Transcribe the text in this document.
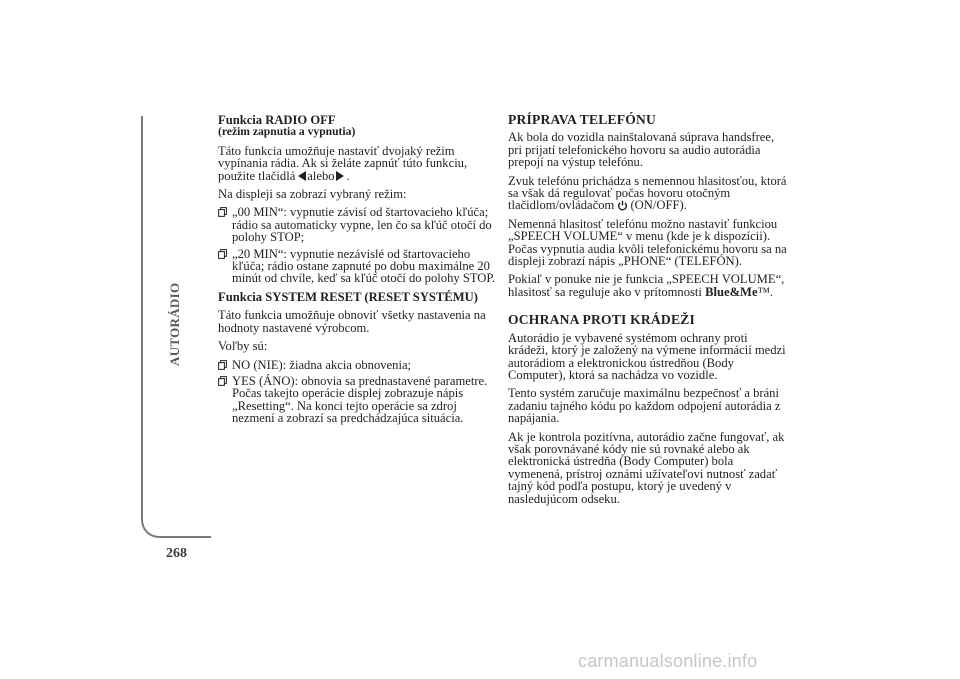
AUTORÁDIO
268
Funkcia RADIO OFF
(režim zapnutia a vypnutia)

Táto funkcia umožňuje nastaviť dvojaký režim vypínania rádia. Ak si želáte zapnúť túto funkciu, použite tlačidlá alebo .

Na displeji sa zobrazí vybraný režim:

„00 MIN“: vypnutie závisí od štartovacieho kľúča; rádio sa automaticky vypne, len čo sa kľúč otočí do polohy STOP;
„20 MIN“: vypnutie nezávislé od štartovacieho kľúča; rádio ostane zapnuté po dobu maximálne 20 minút od chvíle, keď sa kľúč otočí do polohy STOP.

Funkcia SYSTEM RESET (RESET SYSTÉMU)

Táto funkcia umožňuje obnoviť všetky nastavenia na hodnoty nastavené výrobcom.

Voľby sú:

NO (NIE): žiadna akcia obnovenia;
YES (ÁNO): obnovia sa prednastavené parametre. Počas takejto operácie displej zobrazuje nápis „Resetting“. Na konci tejto operácie sa zdroj nezmení a zobrazí sa predchádzajúca situácia.
PRÍPRAVA TELEFÓNU

Ak bola do vozidla nainštalovaná súprava handsfree, pri prijatí telefonického hovoru sa audio autorádia prepojí na výstup telefónu.

Zvuk telefónu prichádza s nemennou hlasitosťou, ktorá sa však dá regulovať počas hovoru otočným tlačidlom/ovládačom (ON/OFF).

Nemenná hlasitosť telefónu možno nastaviť funkciou „SPEECH VOLUME“ v menu (kde je k dispozícii). Počas vypnutia audia kvôli telefonickému hovoru sa na displeji zobrazí nápis „PHONE“ (TELEFÓN).

Pokiaľ v ponuke nie je funkcia „SPEECH VOLUME“, hlasitosť sa reguluje ako v prítomnosti Blue&Me™.

OCHRANA PROTI KRÁDEŽI

Autorádio je vybavené systémom ochrany proti krádeži, ktorý je založený na výmene informácií medzi autorádiom a elektronickou ústredňou (Body Computer), ktorá sa nachádza vo vozidle.

Tento systém zaručuje maximálnu bezpečnosť a bráni zadaniu tajného kódu po každom odpojení autorádia z napájania.

Ak je kontrola pozitívna, autorádio začne fungovať, ak však porovnávané kódy nie sú rovnaké alebo ak elektronická ústredňa (Body Computer) bola vymenená, prístroj oznámi užívateľovi nutnosť zadať tajný kód podľa postupu, ktorý je uvedený v nasledujúcom odseku.

carmanualsonline.info
